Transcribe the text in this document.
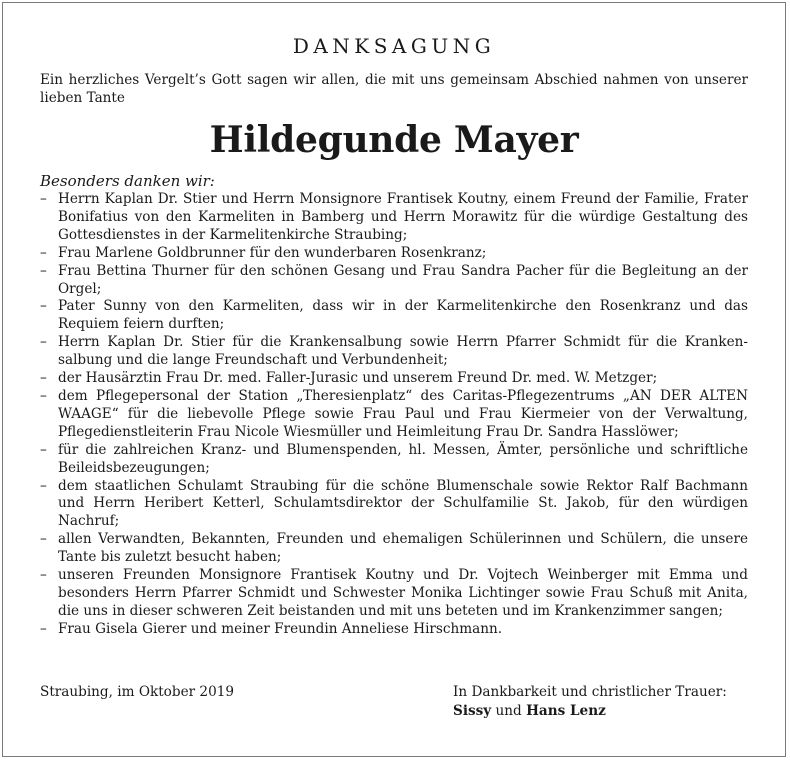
DANKSAGUNG
Ein herzliches Vergelt’s Gott sagen wir allen, die mit uns gemeinsam Abschied nahmen von unserer lieben Tante
Hildegunde Mayer
Besonders danken wir:
– Herrn Kaplan Dr. Stier und Herrn Monsignore Frantisek Koutny, einem Freund der Familie, Frater Bonifatius von den Karmeliten in Bamberg und Herrn Morawitz für die würdige Gestaltung des Gottesdienstes in der Karmelitenkirche Straubing;
– Frau Marlene Goldbrunner für den wunderbaren Rosenkranz;
– Frau Bettina Thurner für den schönen Gesang und Frau Sandra Pacher für die Begleitung an der Orgel;
– Pater Sunny von den Karmeliten, dass wir in der Karmelitenkirche den Rosenkranz und das Requiem feiern durften;
– Herrn Kaplan Dr. Stier für die Krankensalbung sowie Herrn Pfarrer Schmidt für die Krankensalbung und die lange Freundschaft und Verbundenheit;
– der Hausärztin Frau Dr. med. Faller-Jurasic und unserem Freund Dr. med. W. Metzger;
– dem Pflegepersonal der Station „Theresienplatz“ des Caritas-Pflegezentrums „AN DER ALTEN WAAGE“ für die liebevolle Pflege sowie Frau Paul und Frau Kiermeier von der Verwaltung, Pflegedienstleiterin Frau Nicole Wiesmüller und Heimleitung Frau Dr. Sandra Hasslöwer;
– für die zahlreichen Kranz- und Blumenspenden, hl. Messen, Ämter, persönliche und schriftliche Beileidsbezeugungen;
– dem staatlichen Schulamt Straubing für die schöne Blumenschale sowie Rektor Ralf Bachmann und Herrn Heribert Ketterl, Schulamtsdirektor der Schulfamilie St. Jakob, für den würdigen Nachruf;
– allen Verwandten, Bekannten, Freunden und ehemaligen Schülerinnen und Schülern, die unsere Tante bis zuletzt besucht haben;
– unseren Freunden Monsignore Frantisek Koutny und Dr. Vojtech Weinberger mit Emma und besonders Herrn Pfarrer Schmidt und Schwester Monika Lichtinger sowie Frau Schuß mit Anita, die uns in dieser schweren Zeit beistanden und mit uns beteten und im Krankenzimmer sangen;
– Frau Gisela Gierer und meiner Freundin Anneliese Hirschmann.
Straubing, im Oktober 2019	In Dankbarkeit und christlicher Trauer:
Sissy und Hans Lenz
